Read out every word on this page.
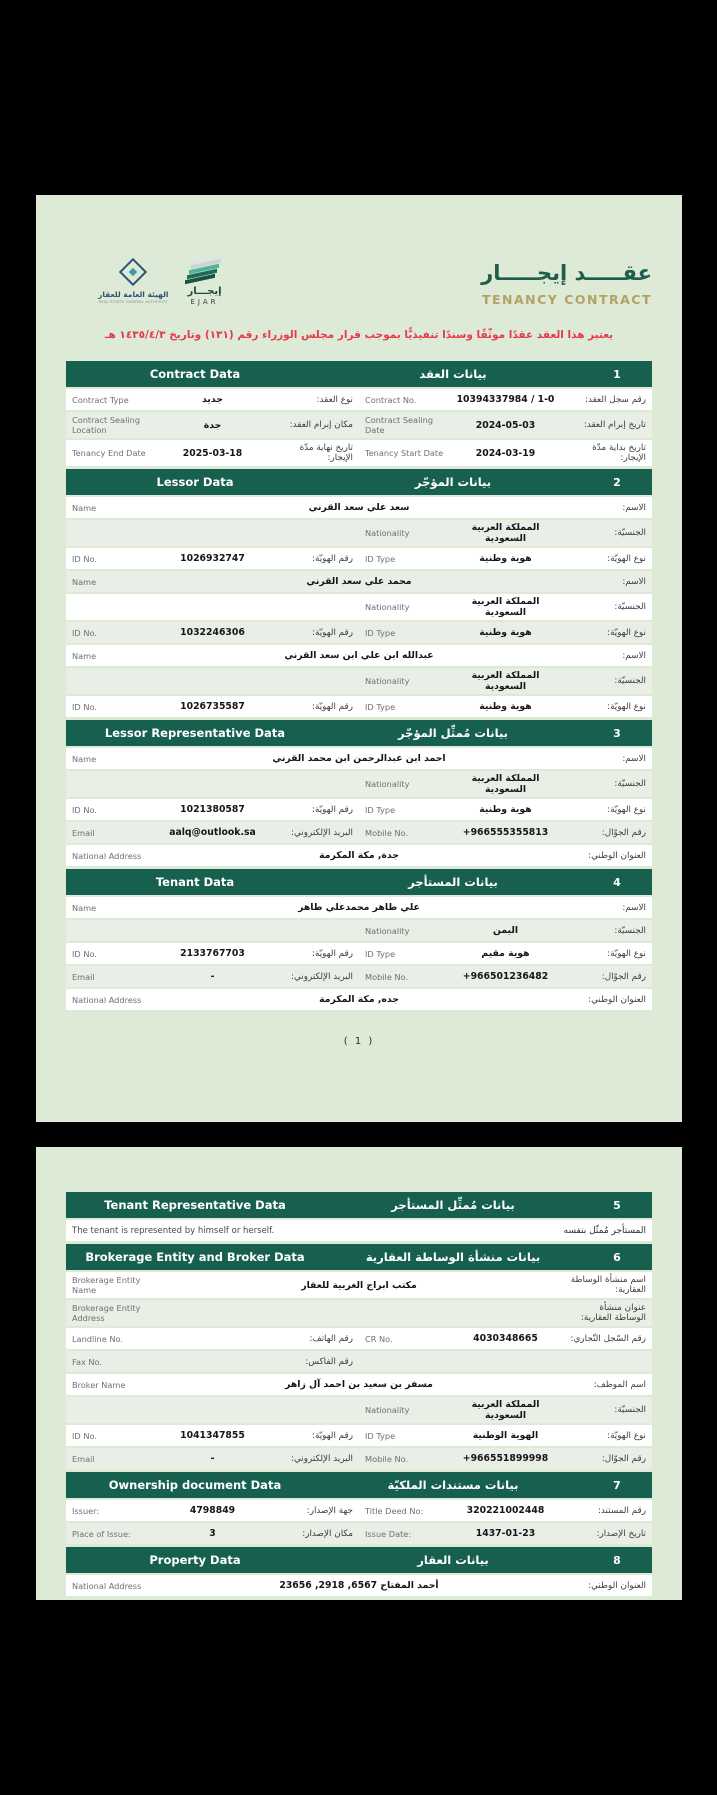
الهيئة العامة للعقار
REAL ESTATE GENERAL AUTHORITY
إيجـــار
EJAR
عقـــــد إيجـــــار
TENANCY CONTRACT
يعتبر هذا العقد عقدًا موثّقًا وسندًا تنفيذيًّا بموجب قرار مجلس الوزراء رقم (١٣١) وتاريخ ١٤٣٥/٤/٣ هـ
1
بيانات العقد
Contract Data
رقم سجل العقد:
10394337984 / 1-0
Contract No.
نوع العقد:
جديد
Contract Type
تاريخ إبرام العقد:
2024-05-03
Contract Sealing Date
مكان إبرام العقد:
جدة
Contract Sealing Location
تاريخ بداية مدّة الإيجار:
2024-03-19
Tenancy Start Date
تاريخ نهاية مدّة الإيجار:
2025-03-18
Tenancy End Date
2
بيانات المؤجّر
Lessor Data
الاسم:
سعد علي سعد القرني
Name
الجنسيّة:
المملكة العربية السعودية
Nationality
نوع الهويّة:
هوية وطنية
ID Type
رقم الهويّة:
1026932747
ID No.
الاسم:
محمد علي سعد القرني
Name
الجنسيّة:
المملكة العربية السعودية
Nationality
نوع الهويّة:
هوية وطنية
ID Type
رقم الهويّة:
1032246306
ID No.
الاسم:
عبدالله ابن علي ابن سعد القرني
Name
الجنسيّة:
المملكة العربية السعودية
Nationality
نوع الهويّة:
هوية وطنية
ID Type
رقم الهويّة:
1026735587
ID No.
3
بيانات مُمثِّل المؤجّر
Lessor Representative Data
الاسم:
احمد ابن عبدالرحمن ابن محمد القرني
Name
الجنسيّة:
المملكة العربية السعودية
Nationality
نوع الهويّة:
هوية وطنية
ID Type
رقم الهويّة:
1021380587
ID No.
رقم الجوّال:
+966555355813
Mobile No.
البريد الإلكتروني:
aalq@outlook.sa
Email
العنوان الوطني:
جدة, مكة المكرمة
National Address
4
بيانات المستأجر
Tenant Data
الاسم:
علي طاهر محمدعلي طاهر
Name
الجنسيّة:
اليمن
Nationality
نوع الهويّة:
هوية مقيم
ID Type
رقم الهويّة:
2133767703
ID No.
رقم الجوّال:
+966501236482
Mobile No.
البريد الإلكتروني:
-
Email
العنوان الوطني:
جده, مكة المكرمة
National Address
( 1 )
5
بيانات مُمثِّل المستأجر
Tenant Representative Data
المستأجر مُمثّل بنفسه
The tenant is represented by himself or herself.
6
بيانات منشأة الوساطة العقارية
Brokerage Entity and Broker Data
اسم منشأة الوساطة العقارية:
مكتب ابراج الغربية للعقار
Brokerage Entity Name
عنوان منشأة الوساطة العقارية:
Brokerage Entity Address
رقم السّجل التّجاري:
4030348665
CR No.
رقم الهاتف:
Landline No.
رقم الفاكس:
Fax No.
اسم الموظف:
مسفر بن سعيد بن احمد آل زاهر
Broker Name
الجنسيّة:
المملكة العربية السعودية
Nationality
نوع الهويّة:
الهوية الوطنية
ID Type
رقم الهويّة:
1041347855
ID No.
رقم الجوّال:
+966551899998
Mobile No.
البريد الإلكتروني:
-
Email
7
بيانات مستندات الملكيّة
Ownership document Data
رقم المستند:
320221002448
Title Deed No:
جهة الإصدار:
4798849
Issuer:
تاريخ الإصدار:
1437-01-23
Issue Date:
مكان الإصدار:
3
Place of Issue:
8
بيانات العقار
Property Data
العنوان الوطني:
أحمد المفتاح 6567, 2918, 23656
National Address
